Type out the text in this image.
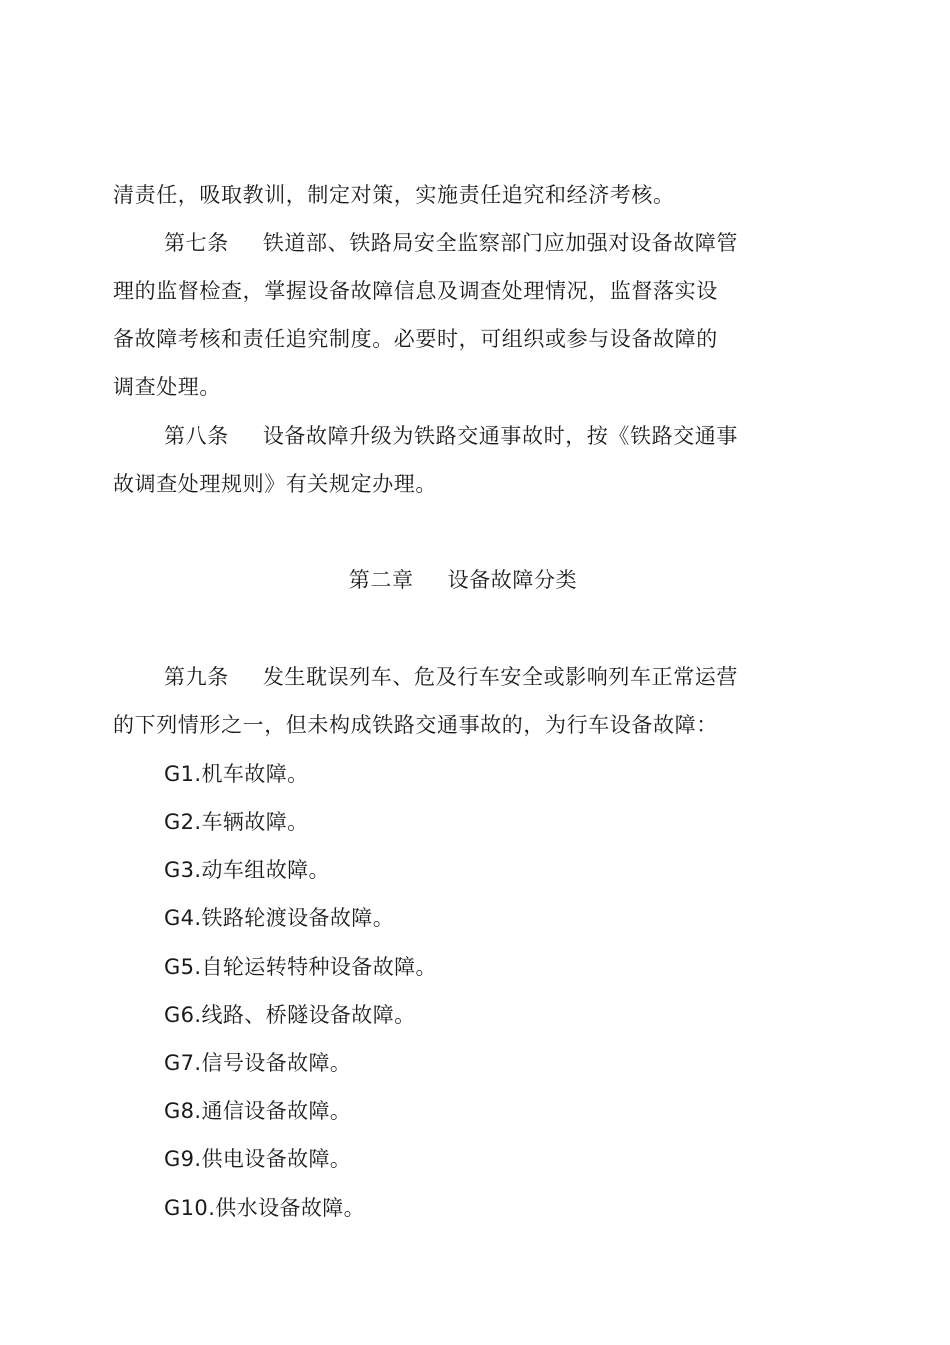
清责任，吸取教训，制定对策，实施责任追究和经济考核。
第七条 铁道部、铁路局安全监察部门应加强对设备故障管
理的监督检查，掌握设备故障信息及调查处理情况，监督落实设
备故障考核和责任追究制度。必要时，可组织或参与设备故障的
调查处理。
第八条 设备故障升级为铁路交通事故时，按《铁路交通事
故调查处理规则》有关规定办理。
第二章 设备故障分类
第九条 发生耽误列车、危及行车安全或影响列车正常运营
的下列情形之一，但未构成铁路交通事故的，为行车设备故障：
G1.机车故障。
G2.车辆故障。
G3.动车组故障。
G4.铁路轮渡设备故障。
G5.自轮运转特种设备故障。
G6.线路、桥隧设备故障。
G7.信号设备故障。
G8.通信设备故障。
G9.供电设备故障。
G10.供水设备故障。
